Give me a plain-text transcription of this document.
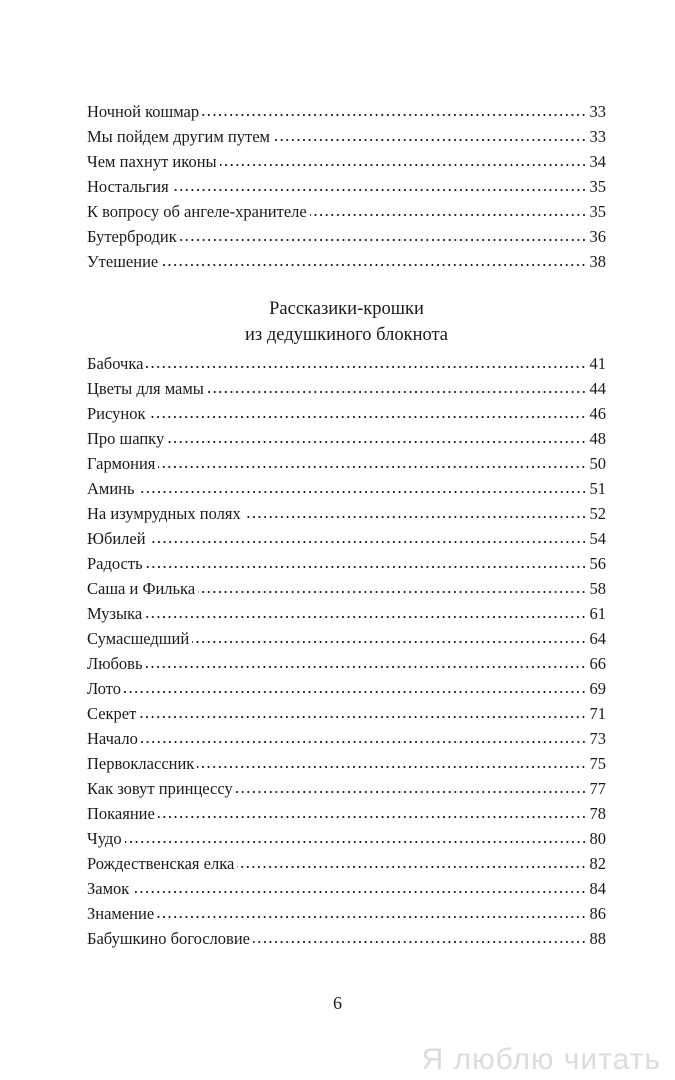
Ночной кошмар	33
Мы пойдем другим путем	33
Чем пахнут иконы	34
Ностальгия	35
К вопросу об ангеле-хранителе	35
Бутербродик	36
Утешение	38
Рассказики-крошки
из дедушкиного блокнота
Бабочка	41
Цветы для мамы	44
Рисунок	46
Про шапку	48
Гармония	50
Аминь	51
На изумрудных полях	52
Юбилей	54
Радость	56
Саша и Филька	58
Музыка	61
Сумасшедший	64
Любовь	66
Лото	69
Секрет	71
Начало	73
Первоклассник	75
Как зовут принцессу	77
Покаяние	78
Чудо	80
Рождественская елка	82
Замок	84
Знамение	86
Бабушкино богословие	88
6
Я люблю читать
